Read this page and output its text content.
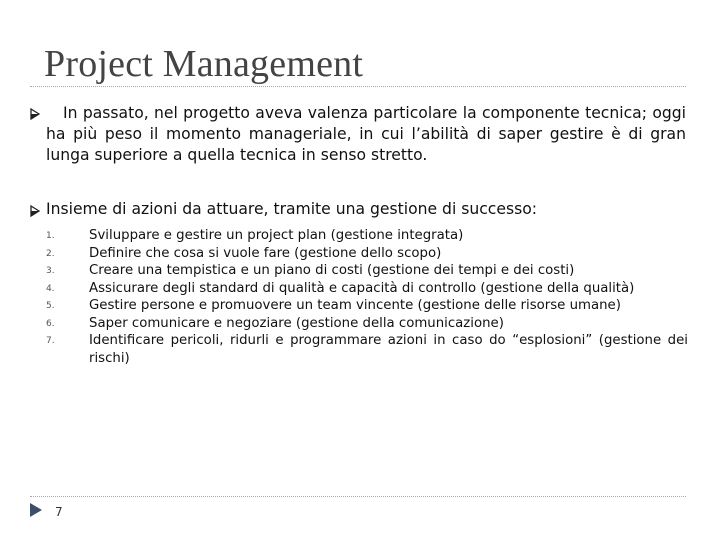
Project Management
In passato, nel progetto aveva valenza particolare la componente tecnica; oggi ha più peso il momento manageriale, in cui l’abilità di saper gestire è di gran lunga superiore a quella tecnica in senso stretto.
Insieme di azioni da attuare, tramite una gestione di successo:
1.	Sviluppare e gestire un project plan (gestione integrata)
2.	Definire che cosa si vuole fare (gestione dello scopo)
3.	Creare una tempistica e un piano di costi (gestione dei tempi e dei costi)
4.	Assicurare degli standard di qualità e capacità di controllo (gestione della qualità)
5.	Gestire persone e promuovere un team vincente (gestione delle risorse umane)
6.	Saper comunicare e negoziare (gestione della comunicazione)
7.	Identificare pericoli, ridurli e programmare azioni in caso do “esplosioni” (gestione dei rischi)
7
